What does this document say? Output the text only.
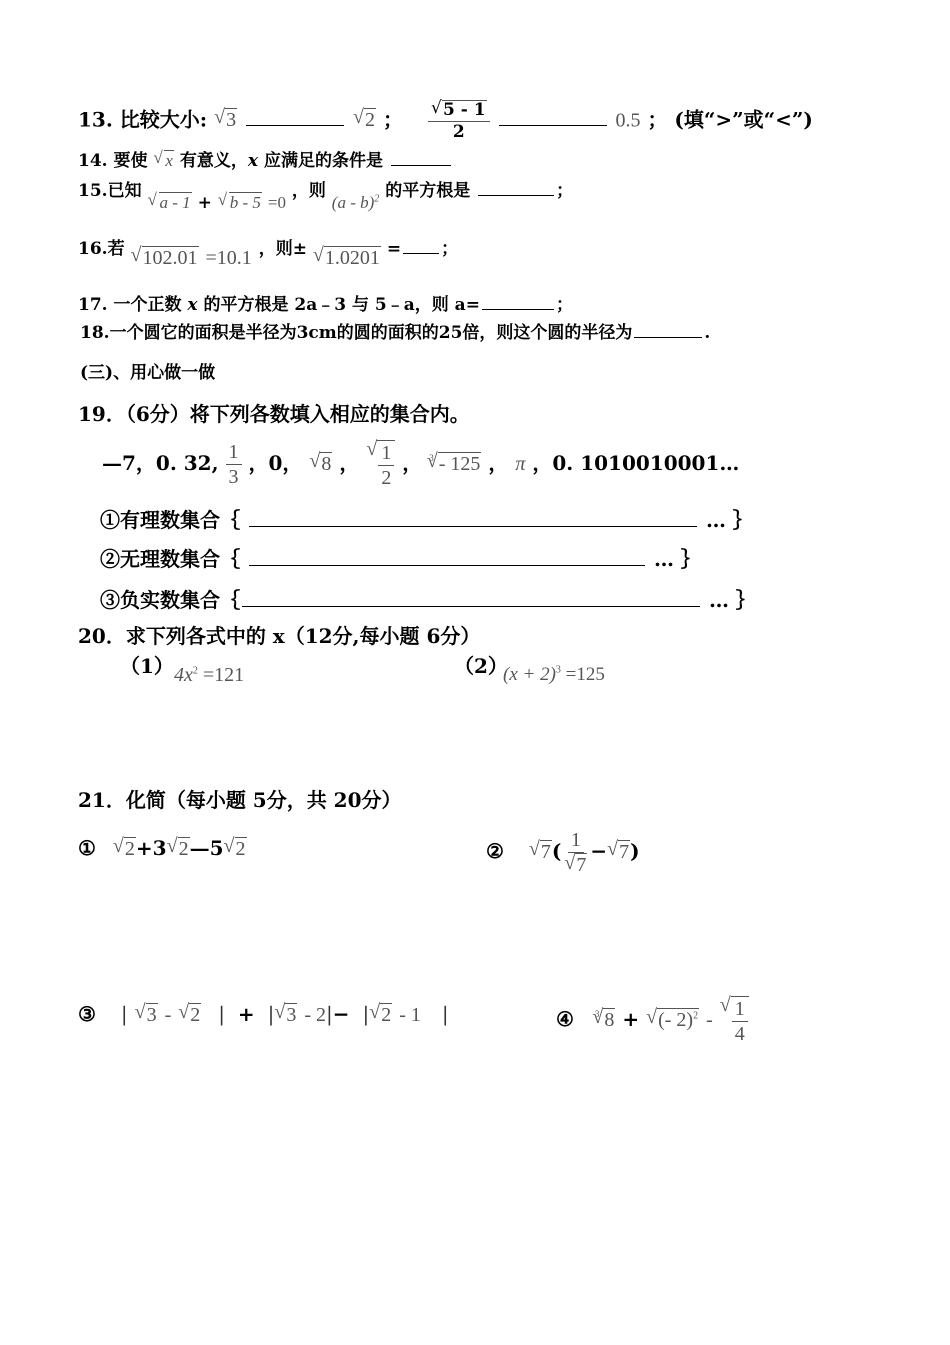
13. 比较大小: √ 3	√ 2 ； √ $\frac{5 - 1}{2}$	0.5 ； (填“>”或“<”)
14. 要使 √ x 有意义，x 应满足的条件是
15.已知 √ a - 1 + √ b - 5 =0 ，则 (a - b)$^2$ 的平方根是	；
16.若 √ 102.01 =10.1 ，则± √ 1.0201 = ；
17. 一个正数 x 的平方根是 2a﹣3 与 5﹣a，则 a=	；
18.一个圆它的面积是半径为3cm的圆的面积的25倍，则这个圆的半径为	.
(三)、用心做一做
19．（6分）将下列各数填入相应的集合内。
—7，0. 32, $\frac{1}{3}$ ，0， √ 8 ， √ $\frac{1}{2}$ ， $^3$ √ - 125 ， π ，0. 1010010001…
①有理数集合｛	… ｝
②无理数集合｛	… ｝
③负实数集合｛	… ｝
20．求下列各式中的 x（12分,每小题 6分）
（1） $4x^2 =121$	（2）
$(x + 2)^3 =125$
21．化简（每小题 5分，共 20分）
① √ 2+3 √ 2—5 √ 2	② √ 7( 1
√ 7 − √ 7)
③ | √ 3 - √ 2 | + | √ 3 - 2|− | √ 2 - 1 |	④ $^3$ √ 8 + √ (- 2)$^2$ - √ $\frac{1}{4}$
